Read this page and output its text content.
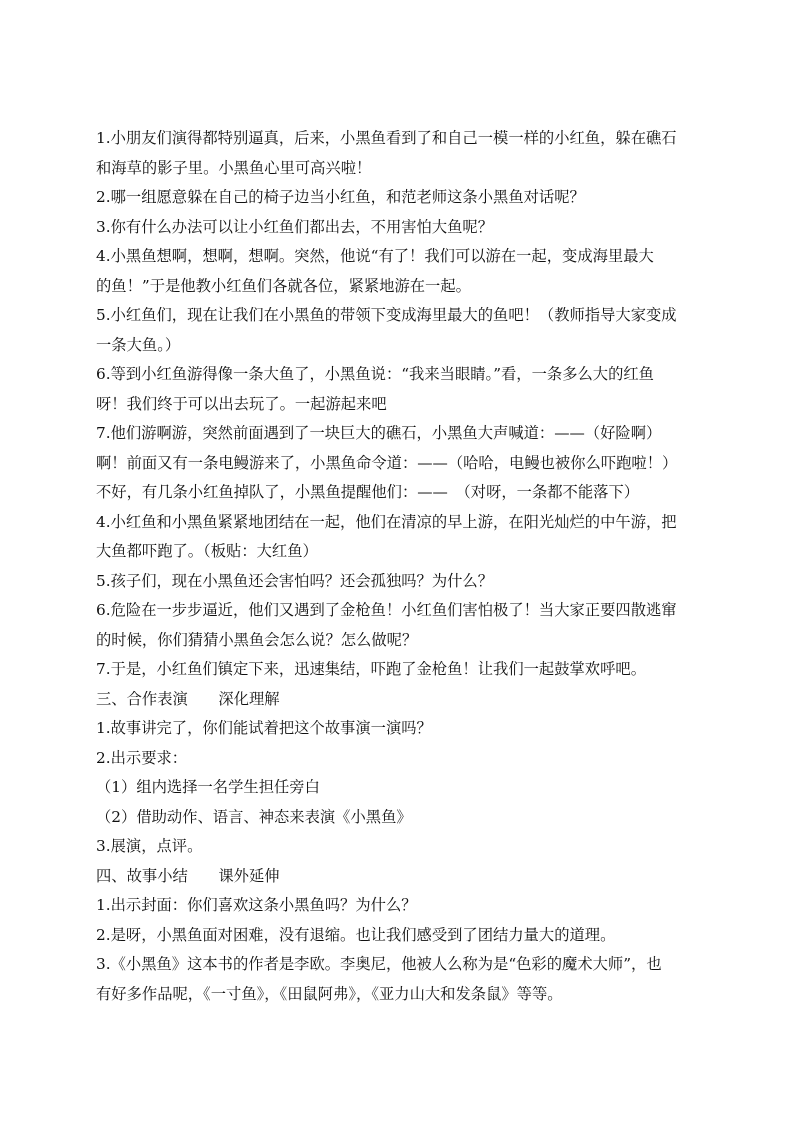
1.小朋友们演得都特别逼真，后来，小黑鱼看到了和自己一模一样的小红鱼，躲在礁石
和海草的影子里。小黑鱼心里可高兴啦！
2.哪一组愿意躲在自己的椅子边当小红鱼，和范老师这条小黑鱼对话呢？
3.你有什么办法可以让小红鱼们都出去，不用害怕大鱼呢？
4.小黑鱼想啊，想啊，想啊。突然，他说“有了！我们可以游在一起，变成海里最大
的鱼！”于是他教小红鱼们各就各位，紧紧地游在一起。
5.小红鱼们，现在让我们在小黑鱼的带领下变成海里最大的鱼吧！（教师指导大家变成
一条大鱼。）
6.等到小红鱼游得像一条大鱼了，小黑鱼说：“我来当眼睛。”看，一条多么大的红鱼
呀！我们终于可以出去玩了。一起游起来吧
7.他们游啊游，突然前面遇到了一块巨大的礁石，小黑鱼大声喊道：——（好险啊）
啊！前面又有一条电鳗游来了，小黑鱼命令道：——（哈哈，电鳗也被你么吓跑啦！）
不好，有几条小红鱼掉队了，小黑鱼提醒他们：——　（对呀，一条都不能落下）
4.小红鱼和小黑鱼紧紧地团结在一起，他们在清凉的早上游，在阳光灿烂的中午游，把
大鱼都吓跑了。（板贴：大红鱼）
5.孩子们，现在小黑鱼还会害怕吗？还会孤独吗？为什么？
6.危险在一步步逼近，他们又遇到了金枪鱼！小红鱼们害怕极了！当大家正要四散逃窜
的时候，你们猜猜小黑鱼会怎么说？怎么做呢？
7.于是，小红鱼们镇定下来，迅速集结，吓跑了金枪鱼！让我们一起鼓掌欢呼吧。
三、合作表演　　深化理解
1.故事讲完了，你们能试着把这个故事演一演吗？
2.出示要求：
（1）组内选择一名学生担任旁白
（2）借助动作、语言、神态来表演《小黑鱼》
3.展演，点评。
四、故事小结　　课外延伸
1.出示封面：你们喜欢这条小黑鱼吗？为什么？
2.是呀，小黑鱼面对困难，没有退缩。也让我们感受到了团结力量大的道理。
3.《小黑鱼》这本书的作者是李欧。李奥尼，他被人么称为是“色彩的魔术大师”，也
有好多作品呢，《一寸鱼》，《田鼠阿弗》，《亚力山大和发条鼠》等等。
